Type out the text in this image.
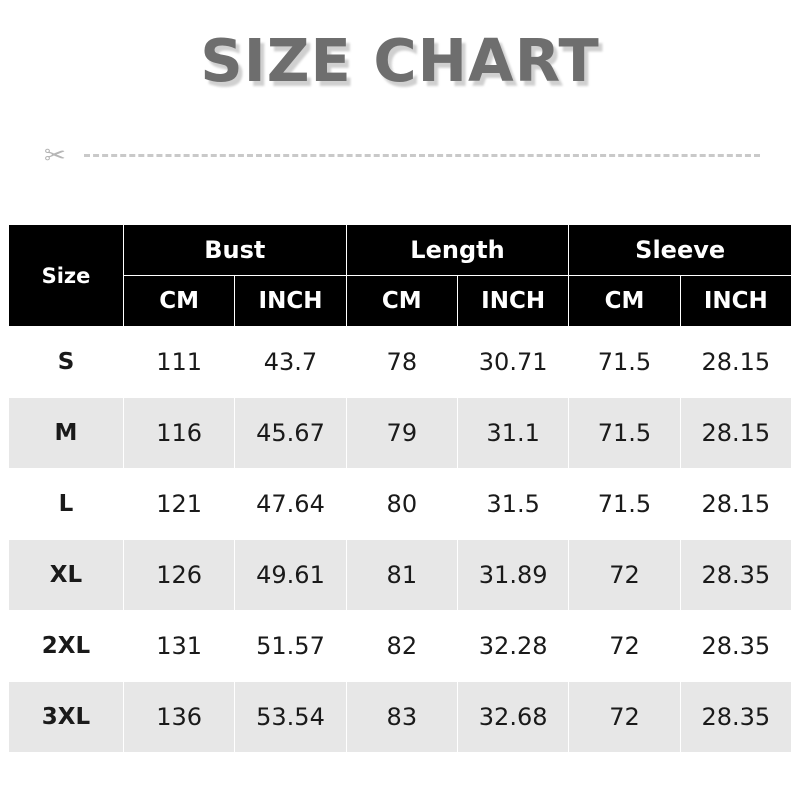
SIZE CHART
✂
Size	Bust		Length		Sleeve	
	CM	INCH	CM	INCH	CM	INCH
S	111	43.7	78	30.71	71.5	28.15
M	116	45.67	79	31.1	71.5	28.15
L	121	47.64	80	31.5	71.5	28.15
XL	126	49.61	81	31.89	72	28.35
2XL	131	51.57	82	32.28	72	28.35
3XL	136	53.54	83	32.68	72	28.35
